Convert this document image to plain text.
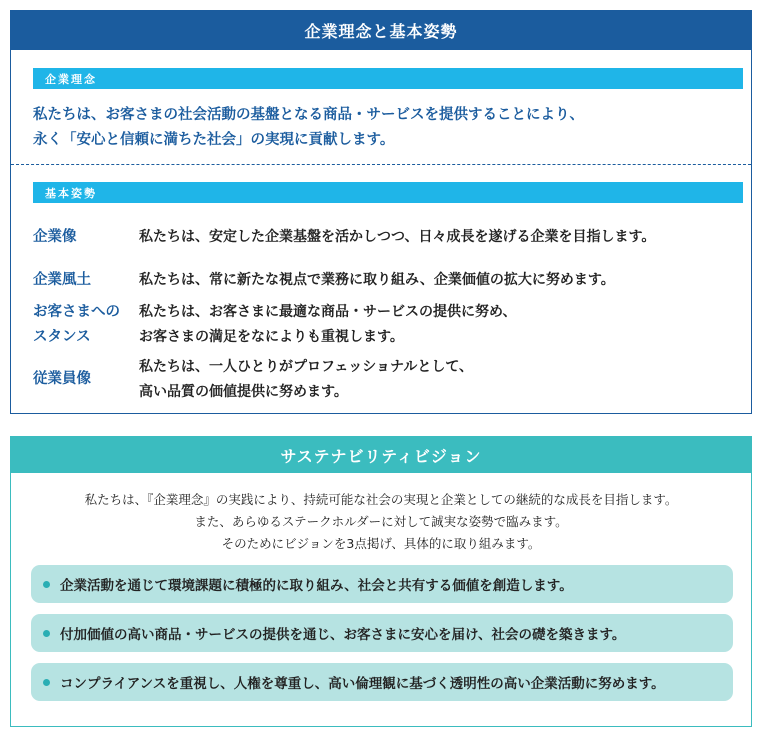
企業理念と基本姿勢
企業理念
私たちは、お客さまの社会活動の基盤となる商品・サービスを提供することにより、
永く「安心と信頼に満ちた社会」の実現に貢献します。
基本姿勢
企業像	私たちは、安定した企業基盤を活かしつつ、日々成長を遂げる企業を目指します。
企業風土	私たちは、常に新たな視点で業務に取り組み、企業価値の拡大に努めます。
お客さまへの
スタンス
私たちは、お客さまに最適な商品・サービスの提供に努め、
お客さまの満足をなによりも重視します。
従業員像
私たちは、一人ひとりがプロフェッショナルとして、
高い品質の価値提供に努めます。
サステナビリティビジョン
私たちは、『企業理念』の実践により、持続可能な社会の実現と企業としての継続的な成長を目指します。
また、あらゆるステークホルダーに対して誠実な姿勢で臨みます。
そのためにビジョンを3点掲げ、具体的に取り組みます。
企業活動を通じて環境課題に積極的に取り組み、社会と共有する価値を創造します。
付加価値の高い商品・サービスの提供を通じ、お客さまに安心を届け、社会の礎を築きます。
コンプライアンスを重視し、人権を尊重し、高い倫理観に基づく透明性の高い企業活動に努めます。
